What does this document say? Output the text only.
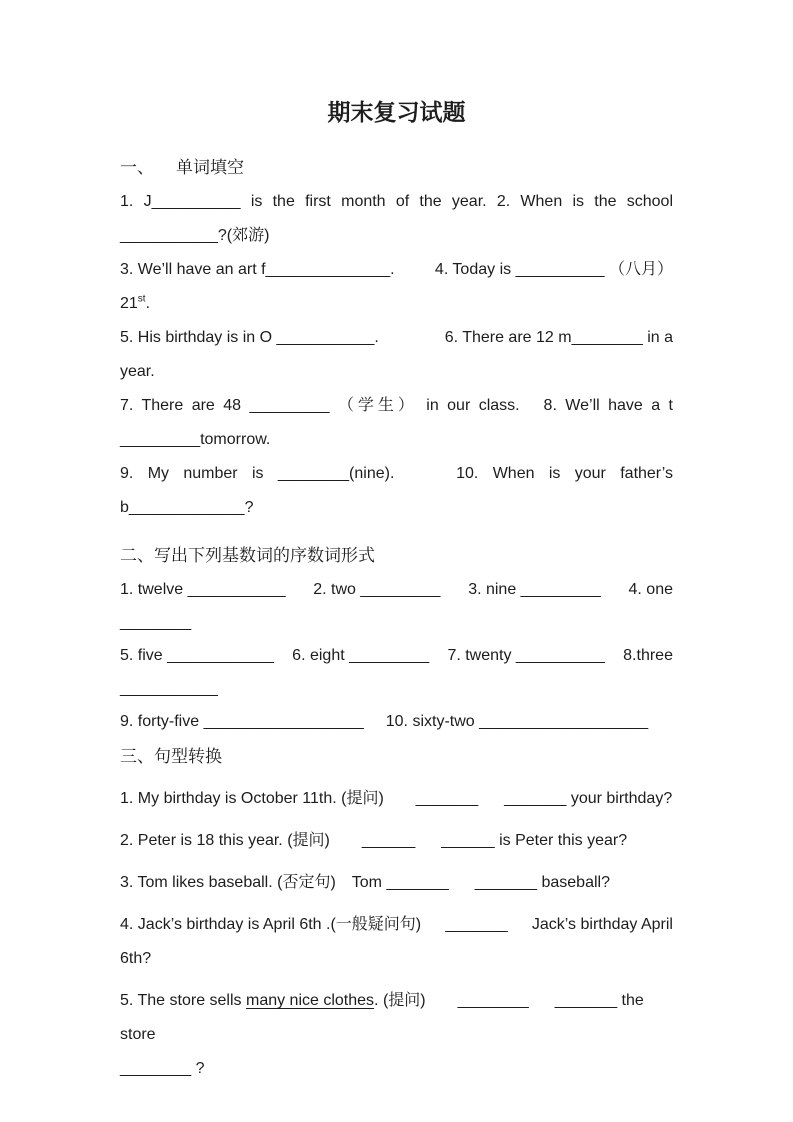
期末复习试题
一、 单词填空
1. J__________ is the first month of the year. 2. When is the school
___________?(郊游)
3. We’ll have an art f______________.	4. Today is __________ （八月）
21st.
5. His birthday is in O ___________.	6. There are 12 m________ in a
year.
7. There are 48 _________ （学生） in our class.　8. We’ll have a t
_________tomorrow.
9. My number is ________(nine).　　10. When is your father’s
b_____________?
二、写出下列基数词的序数词形式
1. twelve ___________ 2. two _________ 3. nine _________ 4. one
________
5. five ____________ 6. eight _________ 7. twenty __________ 8.three
___________
9. forty-five __________________ 10. sixty-two ___________________
三、句型转换
1. My birthday is October 11th. (提问) _______ _______ your birthday?
2. Peter is 18 this year. (提问) ______ ______ is Peter this year?
3. Tom likes baseball. (否定句) Tom _______ _______ baseball?
4. Jack’s birthday is April 6th .(一般疑问句) _______ Jack’s birthday April
6th?
5. The store sells many nice clothes. (提问) ________ _______ the store
________ ?
